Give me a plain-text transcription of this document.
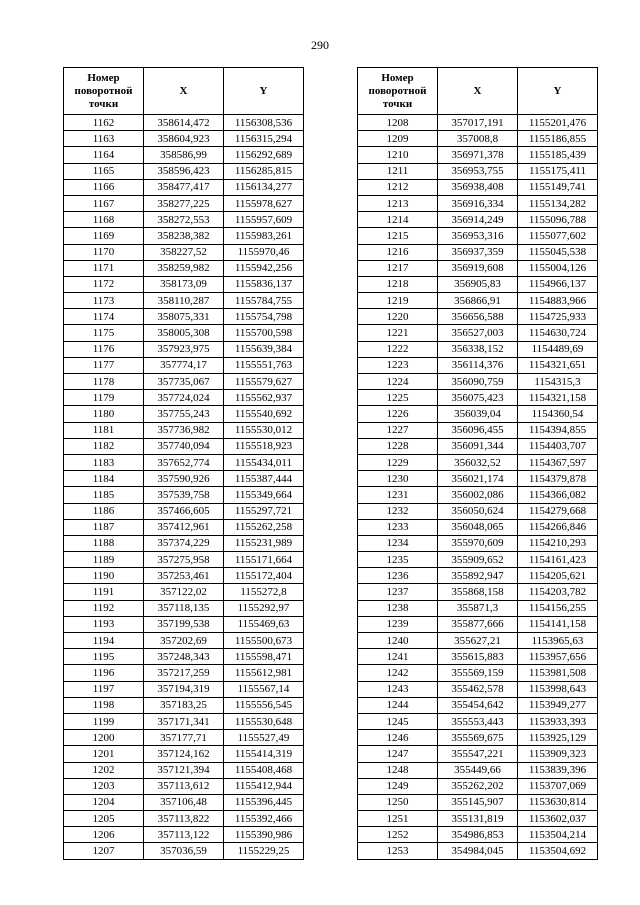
290
Номер поворотной точки	X	Y
1162	358614,472	1156308,536
1163	358604,923	1156315,294
1164	358586,99	1156292,689
1165	358596,423	1156285,815
1166	358477,417	1156134,277
1167	358277,225	1155978,627
1168	358272,553	1155957,609
1169	358238,382	1155983,261
1170	358227,52	1155970,46
1171	358259,982	1155942,256
1172	358173,09	1155836,137
1173	358110,287	1155784,755
1174	358075,331	1155754,798
1175	358005,308	1155700,598
1176	357923,975	1155639,384
1177	357774,17	1155551,763
1178	357735,067	1155579,627
1179	357724,024	1155562,937
1180	357755,243	1155540,692
1181	357736,982	1155530,012
1182	357740,094	1155518,923
1183	357652,774	1155434,011
1184	357590,926	1155387,444
1185	357539,758	1155349,664
1186	357466,605	1155297,721
1187	357412,961	1155262,258
1188	357374,229	1155231,989
1189	357275,958	1155171,664
1190	357253,461	1155172,404
1191	357122,02	1155272,8
1192	357118,135	1155292,97
1193	357199,538	1155469,63
1194	357202,69	1155500,673
1195	357248,343	1155598,471
1196	357217,259	1155612,981
1197	357194,319	1155567,14
1198	357183,25	1155556,545
1199	357171,341	1155530,648
1200	357177,71	1155527,49
1201	357124,162	1155414,319
1202	357121,394	1155408,468
1203	357113,612	1155412,944
1204	357106,48	1155396,445
1205	357113,822	1155392,466
1206	357113,122	1155390,986
1207	357036,59	1155229,25
Номер поворотной точки	X	Y
1208	357017,191	1155201,476
1209	357008,8	1155186,855
1210	356971,378	1155185,439
1211	356953,755	1155175,411
1212	356938,408	1155149,741
1213	356916,334	1155134,282
1214	356914,249	1155096,788
1215	356953,316	1155077,602
1216	356937,359	1155045,538
1217	356919,608	1155004,126
1218	356905,83	1154966,137
1219	356866,91	1154883,966
1220	356656,588	1154725,933
1221	356527,003	1154630,724
1222	356338,152	1154489,69
1223	356114,376	1154321,651
1224	356090,759	1154315,3
1225	356075,423	1154321,158
1226	356039,04	1154360,54
1227	356096,455	1154394,855
1228	356091,344	1154403,707
1229	356032,52	1154367,597
1230	356021,174	1154379,878
1231	356002,086	1154366,082
1232	356050,624	1154279,668
1233	356048,065	1154266,846
1234	355970,609	1154210,293
1235	355909,652	1154161,423
1236	355892,947	1154205,621
1237	355868,158	1154203,782
1238	355871,3	1154156,255
1239	355877,666	1154141,158
1240	355627,21	1153965,63
1241	355615,883	1153957,656
1242	355569,159	1153981,508
1243	355462,578	1153998,643
1244	355454,642	1153949,277
1245	355553,443	1153933,393
1246	355569,675	1153925,129
1247	355547,221	1153909,323
1248	355449,66	1153839,396
1249	355262,202	1153707,069
1250	355145,907	1153630,814
1251	355131,819	1153602,037
1252	354986,853	1153504,214
1253	354984,045	1153504,692
